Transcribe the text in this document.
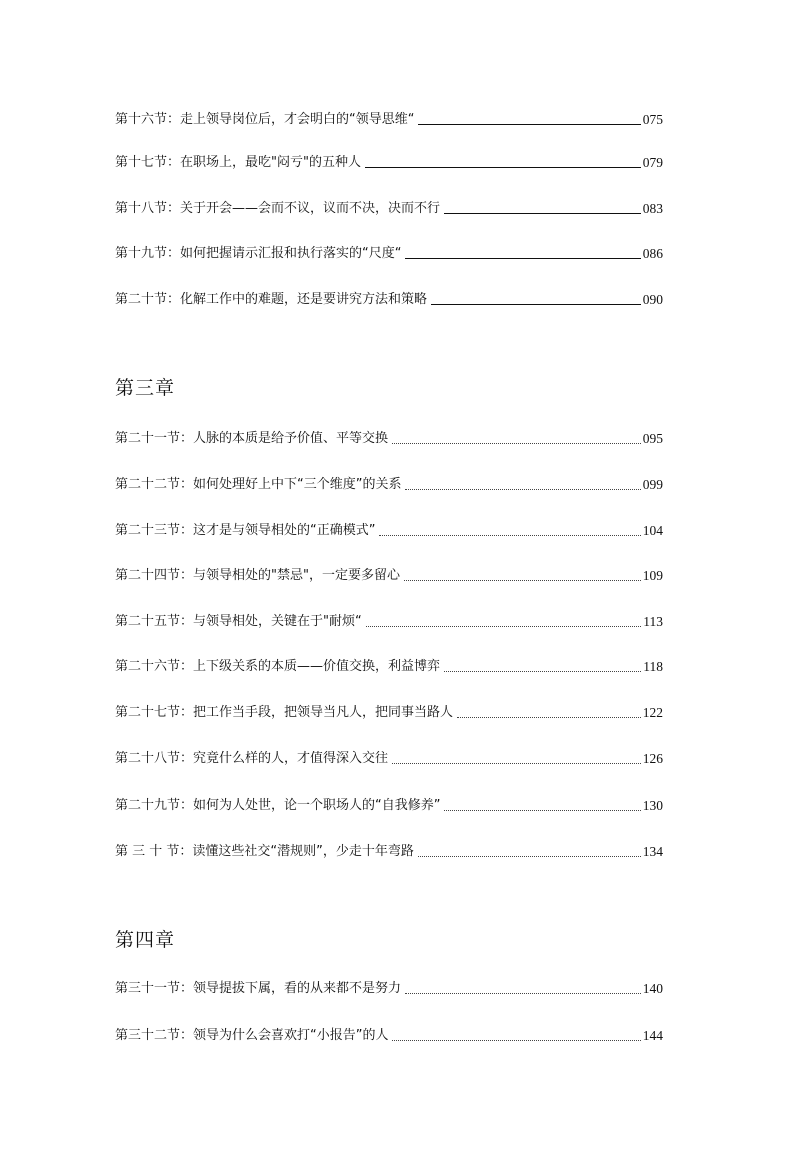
第十六节：走上领导岗位后，才会明白的“领导思维“	075
第十七节：在职场上，最吃"闷亏"的五种人	079
第十八节：关于开会——会而不议，议而不决，决而不行	083
第十九节：如何把握请示汇报和执行落实的“尺度“	086
第二十节：化解工作中的难题，还是要讲究方法和策略	090
第三章
第二十一节：人脉的本质是给予价值、平等交换	095
第二十二节：如何处理好上中下“三个维度”的关系	099
第二十三节：这才是与领导相处的“正确模式”	104
第二十四节：与领导相处的"禁忌"，一定要多留心	109
第二十五节：与领导相处，关键在于"耐烦“	113
第二十六节：上下级关系的本质——价值交换，利益博弈	118
第二十七节：把工作当手段，把领导当凡人，把同事当路人	122
第二十八节：究竟什么样的人，才值得深入交往	126
第二十九节：如何为人处世，论一个职场人的“自我修养”	130
第 三 十 节：读懂这些社交“潜规则”，少走十年弯路	134
第四章
第三十一节：领导提拔下属，看的从来都不是努力	140
第三十二节：领导为什么会喜欢打“小报告”的人	144
